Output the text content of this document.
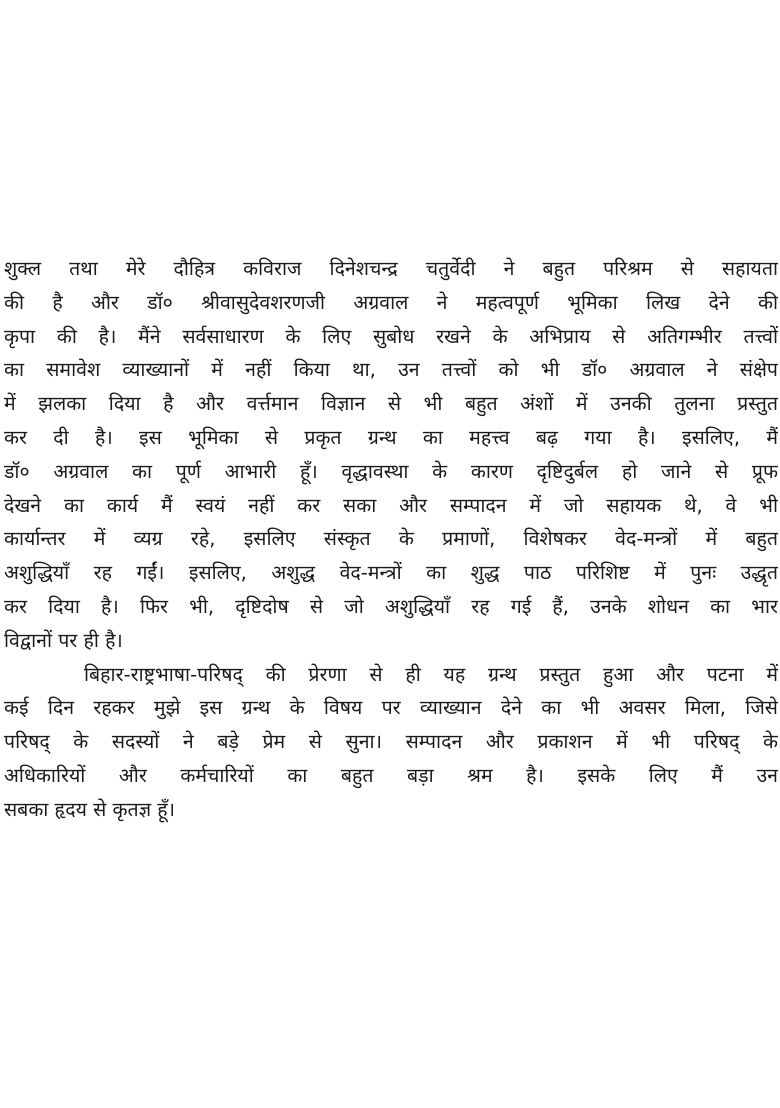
शुक्ल तथा मेरे दौहित्र कविराज दिनेशचन्द्र चतुर्वेदी ने बहुत परिश्रम से सहायता
की है और डॉ० श्रीवासुदेवशरणजी अग्रवाल ने महत्वपूर्ण भूमिका लिख देने की
कृपा की है। मैंने सर्वसाधारण के लिए सुबोध रखने के अभिप्राय से अतिगम्भीर तत्त्वों
का समावेश व्याख्यानों में नहीं किया था, उन तत्त्वों को भी डॉ० अग्रवाल ने संक्षेप
में झलका दिया है और वर्त्तमान विज्ञान से भी बहुत अंशों में उनकी तुलना प्रस्तुत
कर दी है। इस भूमिका से प्रकृत ग्रन्थ का महत्त्व बढ़ गया है। इसलिए, मैं
डॉ० अग्रवाल का पूर्ण आभारी हूँ। वृद्धावस्था के कारण दृष्टिदुर्बल हो जाने से प्रूफ
देखने का कार्य मैं स्वयं नहीं कर सका और सम्पादन में जो सहायक थे, वे भी
कार्यान्तर में व्यग्र रहे, इसलिए संस्कृत के प्रमाणों, विशेषकर वेद-मन्त्रों में बहुत
अशुद्धियाँ रह गईं। इसलिए, अशुद्ध वेद-मन्त्रों का शुद्ध पाठ परिशिष्ट में पुनः उद्धृत
कर दिया है। फिर भी, दृष्टिदोष से जो अशुद्धियाँ रह गई हैं, उनके शोधन का भार
विद्वानों पर ही है।
बिहार-राष्ट्रभाषा-परिषद् की प्रेरणा से ही यह ग्रन्थ प्रस्तुत हुआ और पटना में
कई दिन रहकर मुझे इस ग्रन्थ के विषय पर व्याख्यान देने का भी अवसर मिला, जिसे
परिषद् के सदस्यों ने बड़े प्रेम से सुना। सम्पादन और प्रकाशन में भी परिषद् के
अधिकारियों और कर्मचारियों का बहुत बड़ा श्रम है। इसके लिए मैं उन
सबका हृदय से कृतज्ञ हूँ।
